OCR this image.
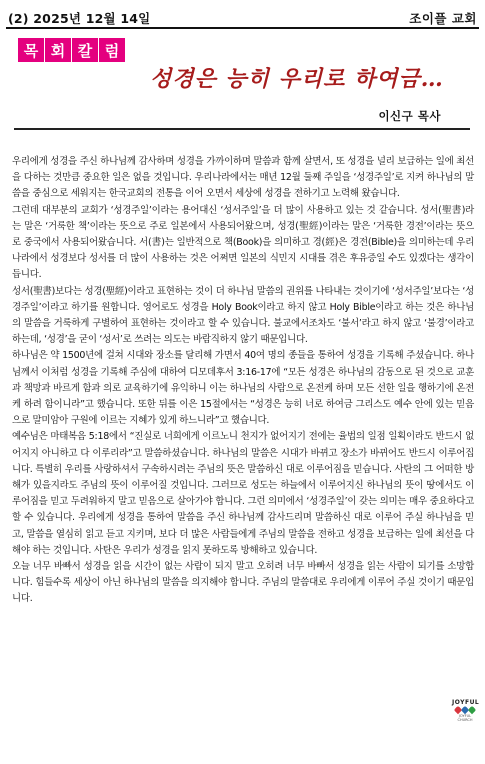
(2) 2025년 12월 14일	조이플 교회
목 회 칼 럼
성경은 능히 우리로 하여금…
이신구 목사

우리에게 성경을 주신 하나님께 감사하며 성경을 가까이하며 말씀과 함께 살면서, 또 성경을 널리 보급하는 일에 최선을 다하는 것만큼 중요한 일은 없을 것입니다. 우리나라에서는 매년 12월 둘째 주일을 ‘성경주일’로 지켜 하나님의 말씀을 중심으로 세워지는 한국교회의 전통을 이어 오면서 세상에 성경을 전하기고 노력해 왔습니다.

그런데 대부분의 교회가 ‘성경주일’이라는 용어대신 ‘성서주일’을 더 많이 사용하고 있는 것 같습니다. 성서(聖書)라는 말은 ‘거룩한 책’이라는 뜻으로 주로 일본에서 사용되어왔으며, 성경(聖經)이라는 말은 ‘거룩한 경전’이라는 뜻으로 중국에서 사용되어왔습니다. 서(書)는 일반적으로 책(Book)을 의미하고 경(經)은 경전(Bible)을 의미하는데 우리나라에서 성경보다 성서를 더 많이 사용하는 것은 어쩌면 일본의 식민지 시대를 겪은 후유증일 수도 있겠다는 생각이 듭니다.

성서(聖書)보다는 성경(聖經)이라고 표현하는 것이 더 하나님 말씀의 권위를 나타내는 것이기에 ‘성서주일’보다는 ‘성경주일’이라고 하기를 원합니다. 영어로도 성경을 Holy Book이라고 하지 않고 Holy Bible이라고 하는 것은 하나님의 말씀을 거룩하게 구별하여 표현하는 것이라고 할 수 있습니다. 불교에서조차도 ‘불서’라고 하지 않고 ‘불경’이라고 하는데, ‘성경’을 굳이 ‘성서’로 쓰려는 의도는 바람직하지 않기 때문입니다.

하나님은 약 1500년에 걸쳐 시대와 장소를 달리해 가면서 40여 명의 종들을 통하여 성경을 기록해 주셨습니다. 하나님께서 이처럼 성경을 기록해 주심에 대하여 디모데후서 3:16-17에 “모든 성경은 하나님의 감동으로 된 것으로 교훈과 책망과 바르게 함과 의로 교육하기에 유익하니 이는 하나님의 사람으로 온전케 하며 모든 선한 일을 행하기에 온전케 하려 함이니라”고 했습니다. 또한 뒤를 이은 15절에서는 “성경은 능히 너로 하여금 그리스도 예수 안에 있는 믿음으로 말미암아 구원에 이르는 지혜가 있게 하느니라”고 했습니다.

예수님은 마태복음 5:18에서 “진실로 너희에게 이르노니 천지가 없어지기 전에는 율법의 일점 일획이라도 반드시 없어지지 아니하고 다 이루리라”고 말씀하셨습니다. 하나님의 말씀은 시대가 바뀌고 장소가 바뀌어도 반드시 이루어집니다. 특별히 우리를 사랑하셔서 구속하시려는 주님의 뜻은 말씀하신 대로 이루어짐을 믿습니다. 사탄의 그 어떠한 방해가 있을지라도 주님의 뜻이 이루어질 것입니다. 그러므로 성도는 하늘에서 이루어지신 하나님의 뜻이 땅에서도 이루어짐을 믿고 두려워하지 말고 믿음으로 살아가야 합니다. 그런 의미에서 ‘성경주일’이 갖는 의미는 매우 중요하다고 할 수 있습니다. 우리에게 성경을 통하여 말씀을 주신 하나님께 감사드리며 말씀하신 대로 이루어 주실 하나님을 믿고, 말씀을 열심히 읽고 듣고 지키며, 보다 더 많은 사람들에게 주님의 말씀을 전하고 성경을 보급하는 일에 최선을 다해야 하는 것입니다. 사탄은 우리가 성경을 읽지 못하도록 방해하고 있습니다.

오늘 너무 바빠서 성경을 읽을 시간이 없는 사람이 되지 말고 오히려 너무 바빠서 성경을 읽는 사람이 되기를 소망합니다. 힘들수록 세상이 아닌 하나님의 말씀을 의지해야 합니다. 주님의 말씀대로 우리에게 이루어 주실 것이기 때문입니다.

JOYFUL
JOYFUL CHURCH
